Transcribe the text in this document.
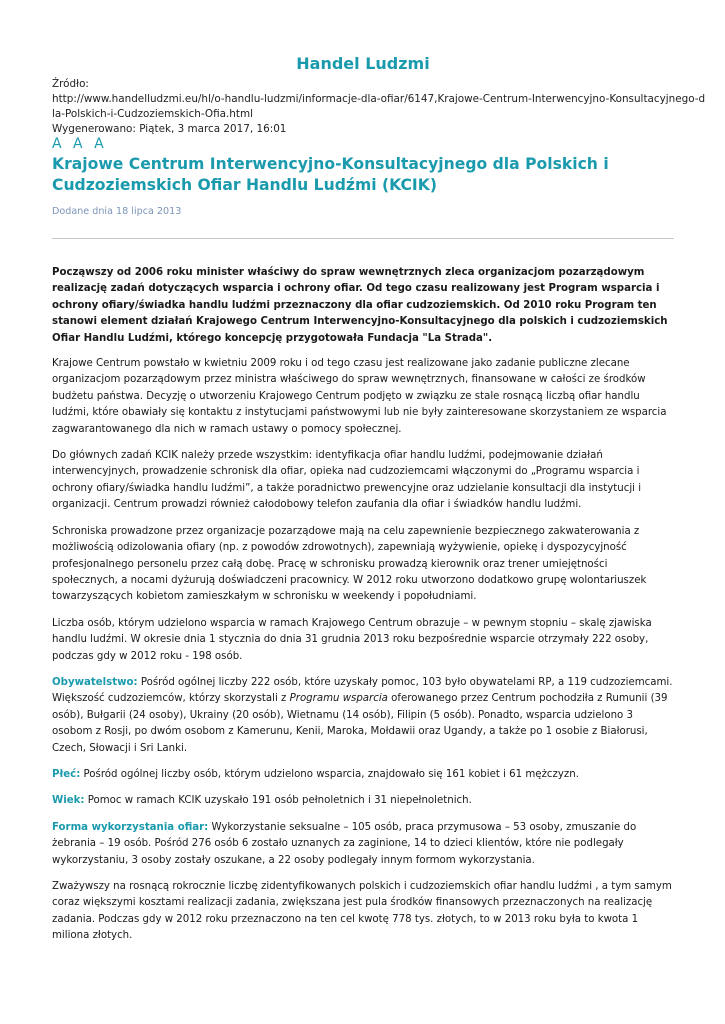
Handel Ludzmi
Źródło:
http://www.handelludzmi.eu/hl/o-handlu-ludzmi/informacje-dla-ofiar/6147,Krajowe-Centrum-Interwencyjno-Konsultacyjnego-d
la-Polskich-i-Cudzoziemskich-Ofia.html
Wygenerowano: Piątek, 3 marca 2017, 16:01
A A A
Krajowe Centrum Interwencyjno-Konsultacyjnego dla Polskich i Cudzoziemskich Ofiar Handlu Ludźmi (KCIK)
Dodane dnia 18 lipca 2013

Począwszy od 2006 roku minister właściwy do spraw wewnętrznych zleca organizacjom pozarządowym realizację zadań dotyczących wsparcia i ochrony ofiar. Od tego czasu realizowany jest Program wsparcia i ochrony ofiary/świadka handlu ludźmi przeznaczony dla ofiar cudzoziemskich. Od 2010 roku Program ten stanowi element działań Krajowego Centrum Interwencyjno-Konsultacyjnego dla polskich i cudzoziemskich Ofiar Handlu Ludźmi, którego koncepcję przygotowała Fundacja "La Strada".

Krajowe Centrum powstało w kwietniu 2009 roku i od tego czasu jest realizowane jako zadanie publiczne zlecane organizacjom pozarządowym przez ministra właściwego do spraw wewnętrznych, finansowane w całości ze środków budżetu państwa. Decyzję o utworzeniu Krajowego Centrum podjęto w związku ze stale rosnącą liczbą ofiar handlu ludźmi, które obawiały się kontaktu z instytucjami państwowymi lub nie były zainteresowane skorzystaniem ze wsparcia zagwarantowanego dla nich w ramach ustawy o pomocy społecznej.

Do głównych zadań KCIK należy przede wszystkim: identyfikacja ofiar handlu ludźmi, podejmowanie działań interwencyjnych, prowadzenie schronisk dla ofiar, opieka nad cudzoziemcami włączonymi do „Programu wsparcia i ochrony ofiary/świadka handlu ludźmi”, a także poradnictwo prewencyjne oraz udzielanie konsultacji dla instytucji i organizacji. Centrum prowadzi również całodobowy telefon zaufania dla ofiar i świadków handlu ludźmi.

Schroniska prowadzone przez organizacje pozarządowe mają na celu zapewnienie bezpiecznego zakwaterowania z możliwością odizolowania ofiary (np. z powodów zdrowotnych), zapewniają wyżywienie, opiekę i dyspozycyjność profesjonalnego personelu przez całą dobę. Pracę w schronisku prowadzą kierownik oraz trener umiejętności społecznych, a nocami dyżurują doświadczeni pracownicy. W 2012 roku utworzono dodatkowo grupę wolontariuszek towarzyszących kobietom zamieszkałym w schronisku w weekendy i popołudniami.

Liczba osób, którym udzielono wsparcia w ramach Krajowego Centrum obrazuje – w pewnym stopniu – skalę zjawiska handlu ludźmi. W okresie dnia 1 stycznia do dnia 31 grudnia 2013 roku bezpośrednie wsparcie otrzymały 222 osoby, podczas gdy w 2012 roku - 198 osób.

Obywatelstwo: Pośród ogólnej liczby 222 osób, które uzyskały pomoc, 103 było obywatelami RP, a 119 cudzoziemcami. Większość cudzoziemców, którzy skorzystali z Programu wsparcia oferowanego przez Centrum pochodziła z Rumunii (39 osób), Bułgarii (24 osoby), Ukrainy (20 osób), Wietnamu (14 osób), Filipin (5 osób). Ponadto, wsparcia udzielono 3 osobom z Rosji, po dwóm osobom z Kamerunu, Kenii, Maroka, Mołdawii oraz Ugandy, a także po 1 osobie z Białorusi, Czech, Słowacji i Sri Lanki.

Płeć: Pośród ogólnej liczby osób, którym udzielono wsparcia, znajdowało się 161 kobiet i 61 mężczyzn.

Wiek: Pomoc w ramach KCIK uzyskało 191 osób pełnoletnich i 31 niepełnoletnich.

Forma wykorzystania ofiar: Wykorzystanie seksualne – 105 osób, praca przymusowa – 53 osoby, zmuszanie do żebrania – 19 osób. Pośród 276 osób 6 zostało uznanych za zaginione, 14 to dzieci klientów, które nie podlegały wykorzystaniu, 3 osoby zostały oszukane, a 22 osoby podlegały innym formom wykorzystania.

Zważywszy na rosnącą rokrocznie liczbę zidentyfikowanych polskich i cudzoziemskich ofiar handlu ludźmi , a tym samym coraz większymi kosztami realizacji zadania, zwiększana jest pula środków finansowych przeznaczonych na realizację zadania. Podczas gdy w 2012 roku przeznaczono na ten cel kwotę 778 tys. złotych, to w 2013 roku była to kwota 1 miliona złotych.
